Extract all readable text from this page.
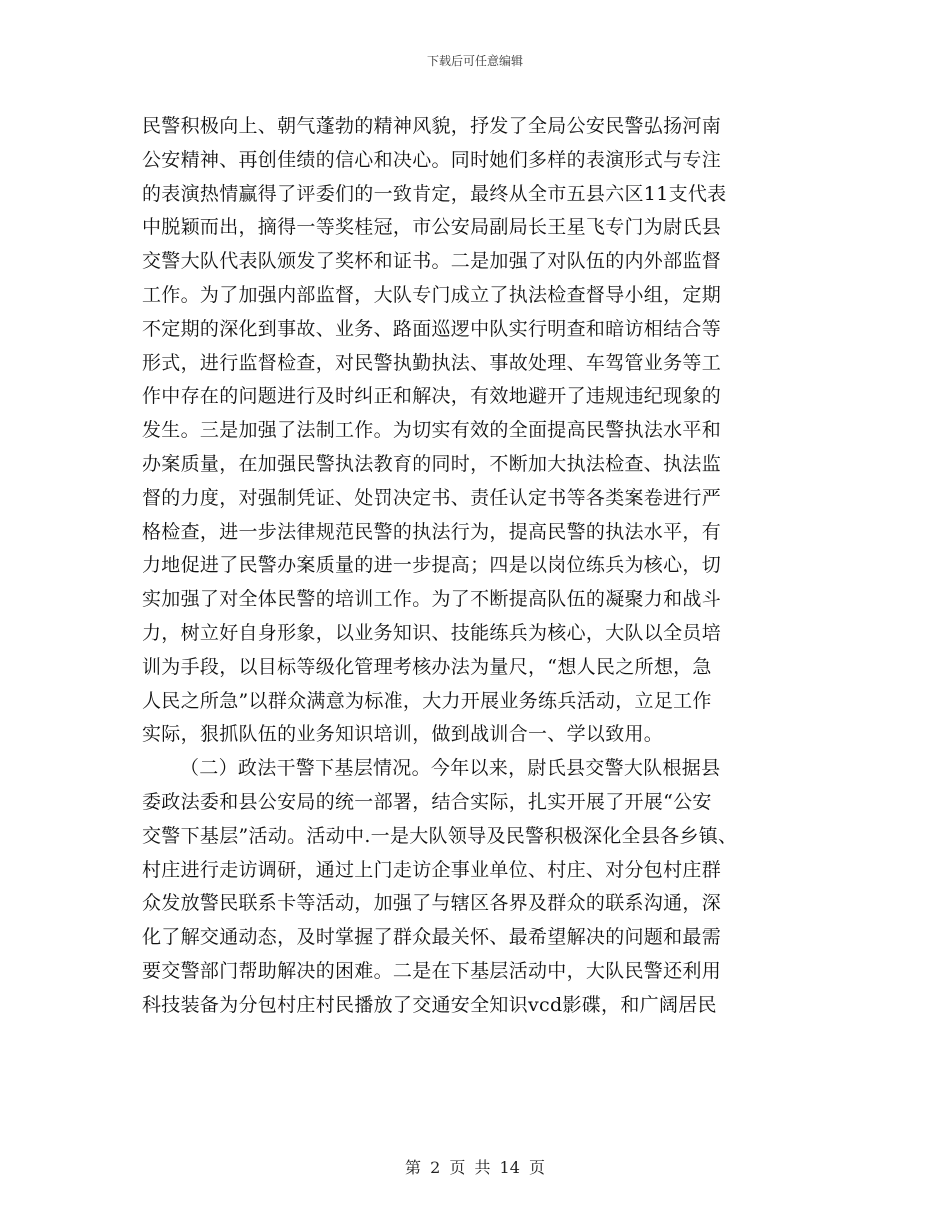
下载后可任意编辑
民警积极向上、朝气蓬勃的精神风貌，抒发了全局公安民警弘扬河南
公安精神、再创佳绩的信心和决心。同时她们多样的表演形式与专注
的表演热情赢得了评委们的一致肯定，最终从全市五县六区11支代表
中脱颖而出，摘得一等奖桂冠，市公安局副局长王星飞专门为尉氏县
交警大队代表队颁发了奖杯和证书。二是加强了对队伍的内外部监督
工作。为了加强内部监督，大队专门成立了执法检查督导小组，定期
不定期的深化到事故、业务、路面巡逻中队实行明查和暗访相结合等
形式，进行监督检查，对民警执勤执法、事故处理、车驾管业务等工
作中存在的问题进行及时纠正和解决，有效地避开了违规违纪现象的
发生。三是加强了法制工作。为切实有效的全面提高民警执法水平和
办案质量，在加强民警执法教育的同时，不断加大执法检查、执法监
督的力度，对强制凭证、处罚决定书、责任认定书等各类案卷进行严
格检查，进一步法律规范民警的执法行为，提高民警的执法水平，有
力地促进了民警办案质量的进一步提高；四是以岗位练兵为核心，切
实加强了对全体民警的培训工作。为了不断提高队伍的凝聚力和战斗
力，树立好自身形象，以业务知识、技能练兵为核心，大队以全员培
训为手段，以目标等级化管理考核办法为量尺，“想人民之所想，急
人民之所急”以群众满意为标准，大力开展业务练兵活动，立足工作
实际，狠抓队伍的业务知识培训，做到战训合一、学以致用。
（二）政法干警下基层情况。今年以来，尉氏县交警大队根据县
委政法委和县公安局的统一部署，结合实际，扎实开展了开展“公安
交警下基层”活动。活动中.一是大队领导及民警积极深化全县各乡镇、
村庄进行走访调研，通过上门走访企事业单位、村庄、对分包村庄群
众发放警民联系卡等活动，加强了与辖区各界及群众的联系沟通，深
化了解交通动态，及时掌握了群众最关怀、最希望解决的问题和最需
要交警部门帮助解决的困难。二是在下基层活动中，大队民警还利用
科技装备为分包村庄村民播放了交通安全知识vcd影碟，和广阔居民
第 2 页 共 14 页
